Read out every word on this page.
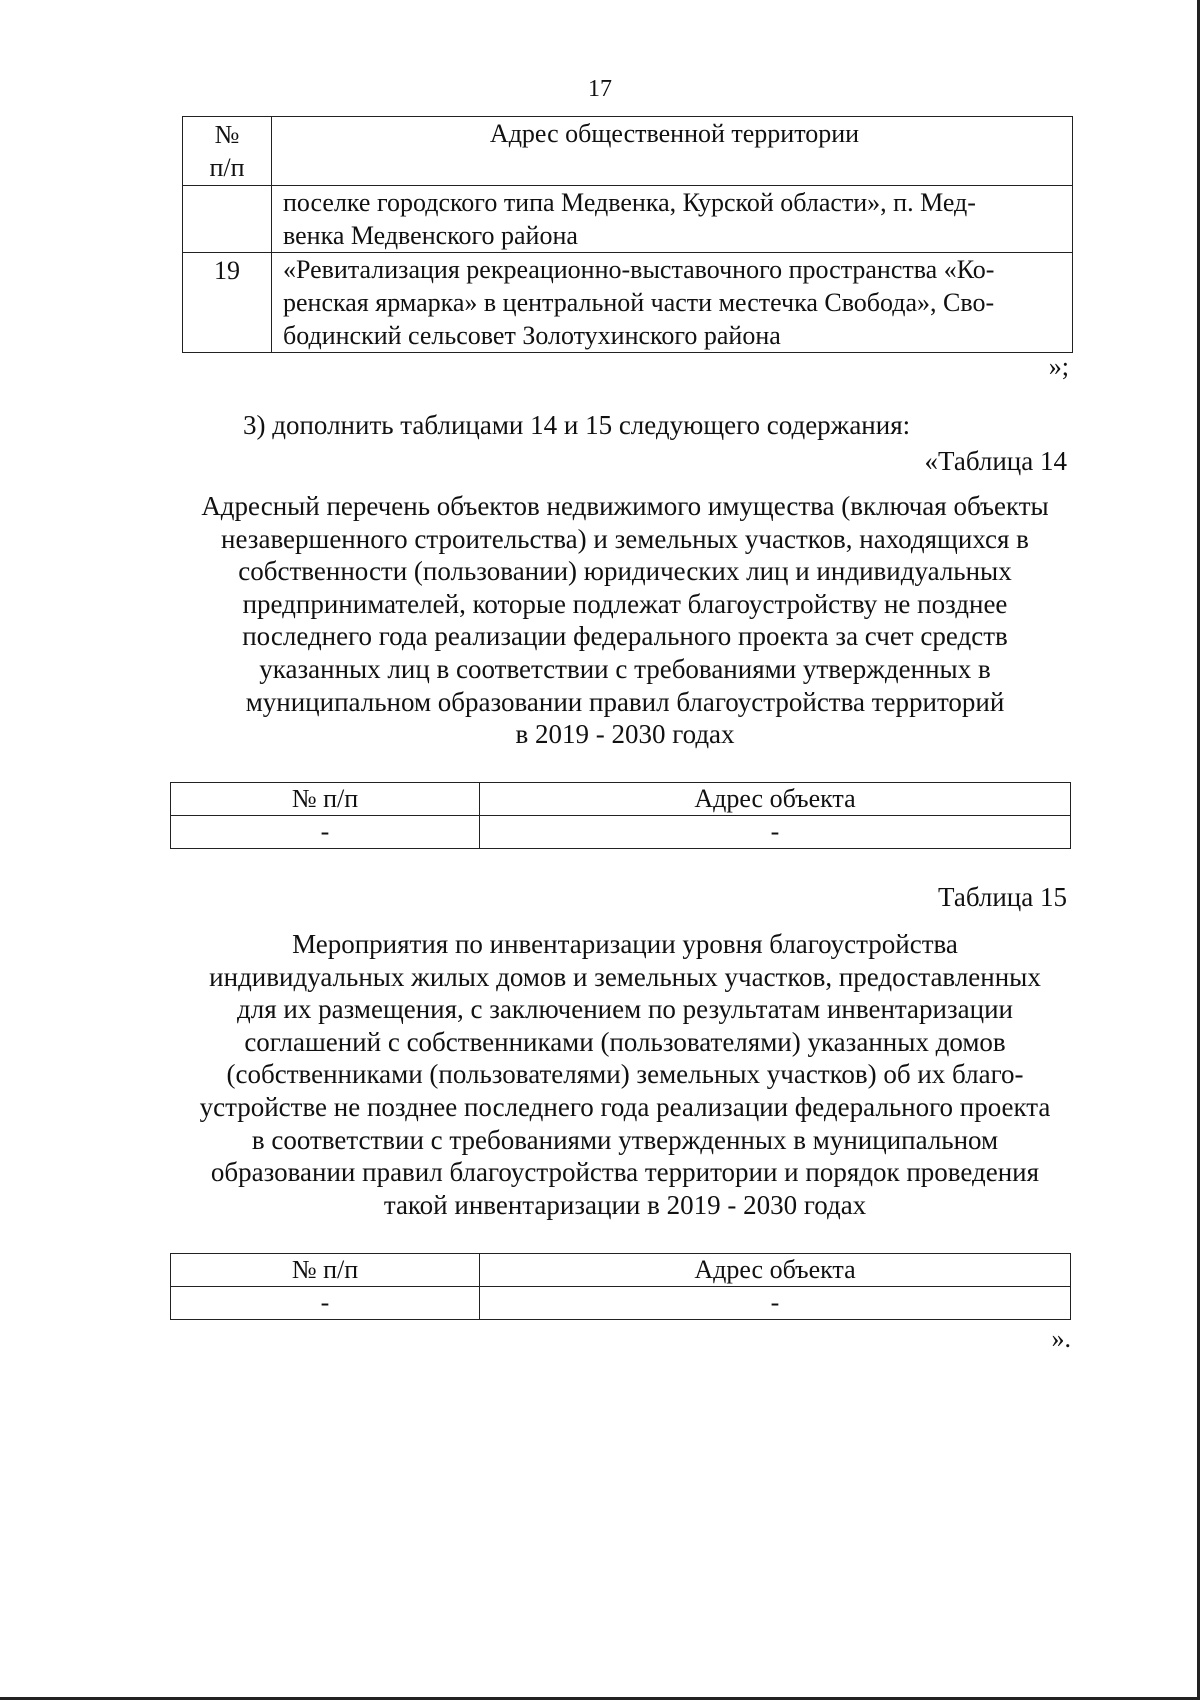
17
№
п/п	Адрес общественной территории
	поселке городского типа Медвенка, Курской области», п. Мед-
венка Медвенского района
19	«Ревитализация рекреационно-выставочного пространства «Ко-
ренская ярмарка» в центральной части местечка Свобода», Сво-
бодинский сельсовет Золотухинского района
»;
3) дополнить таблицами 14 и 15 следующего содержания:
«Таблица 14
Адресный перечень объектов недвижимого имущества (включая объекты
незавершенного строительства) и земельных участков, находящихся в
собственности (пользовании) юридических лиц и индивидуальных
предпринимателей, которые подлежат благоустройству не позднее
последнего года реализации федерального проекта за счет средств
указанных лиц в соответствии с требованиями утвержденных в
муниципальном образовании правил благоустройства территорий
в 2019 - 2030 годах
№ п/п	Адрес объекта
-	-
Таблица 15
Мероприятия по инвентаризации уровня благоустройства
индивидуальных жилых домов и земельных участков, предоставленных
для их размещения, с заключением по результатам инвентаризации
соглашений с собственниками (пользователями) указанных домов
(собственниками (пользователями) земельных участков) об их благо-
устройстве не позднее последнего года реализации федерального проекта
в соответствии с требованиями утвержденных в муниципальном
образовании правил благоустройства территории и порядок проведения
такой инвентаризации в 2019 - 2030 годах
№ п/п	Адрес объекта
-	-
».
